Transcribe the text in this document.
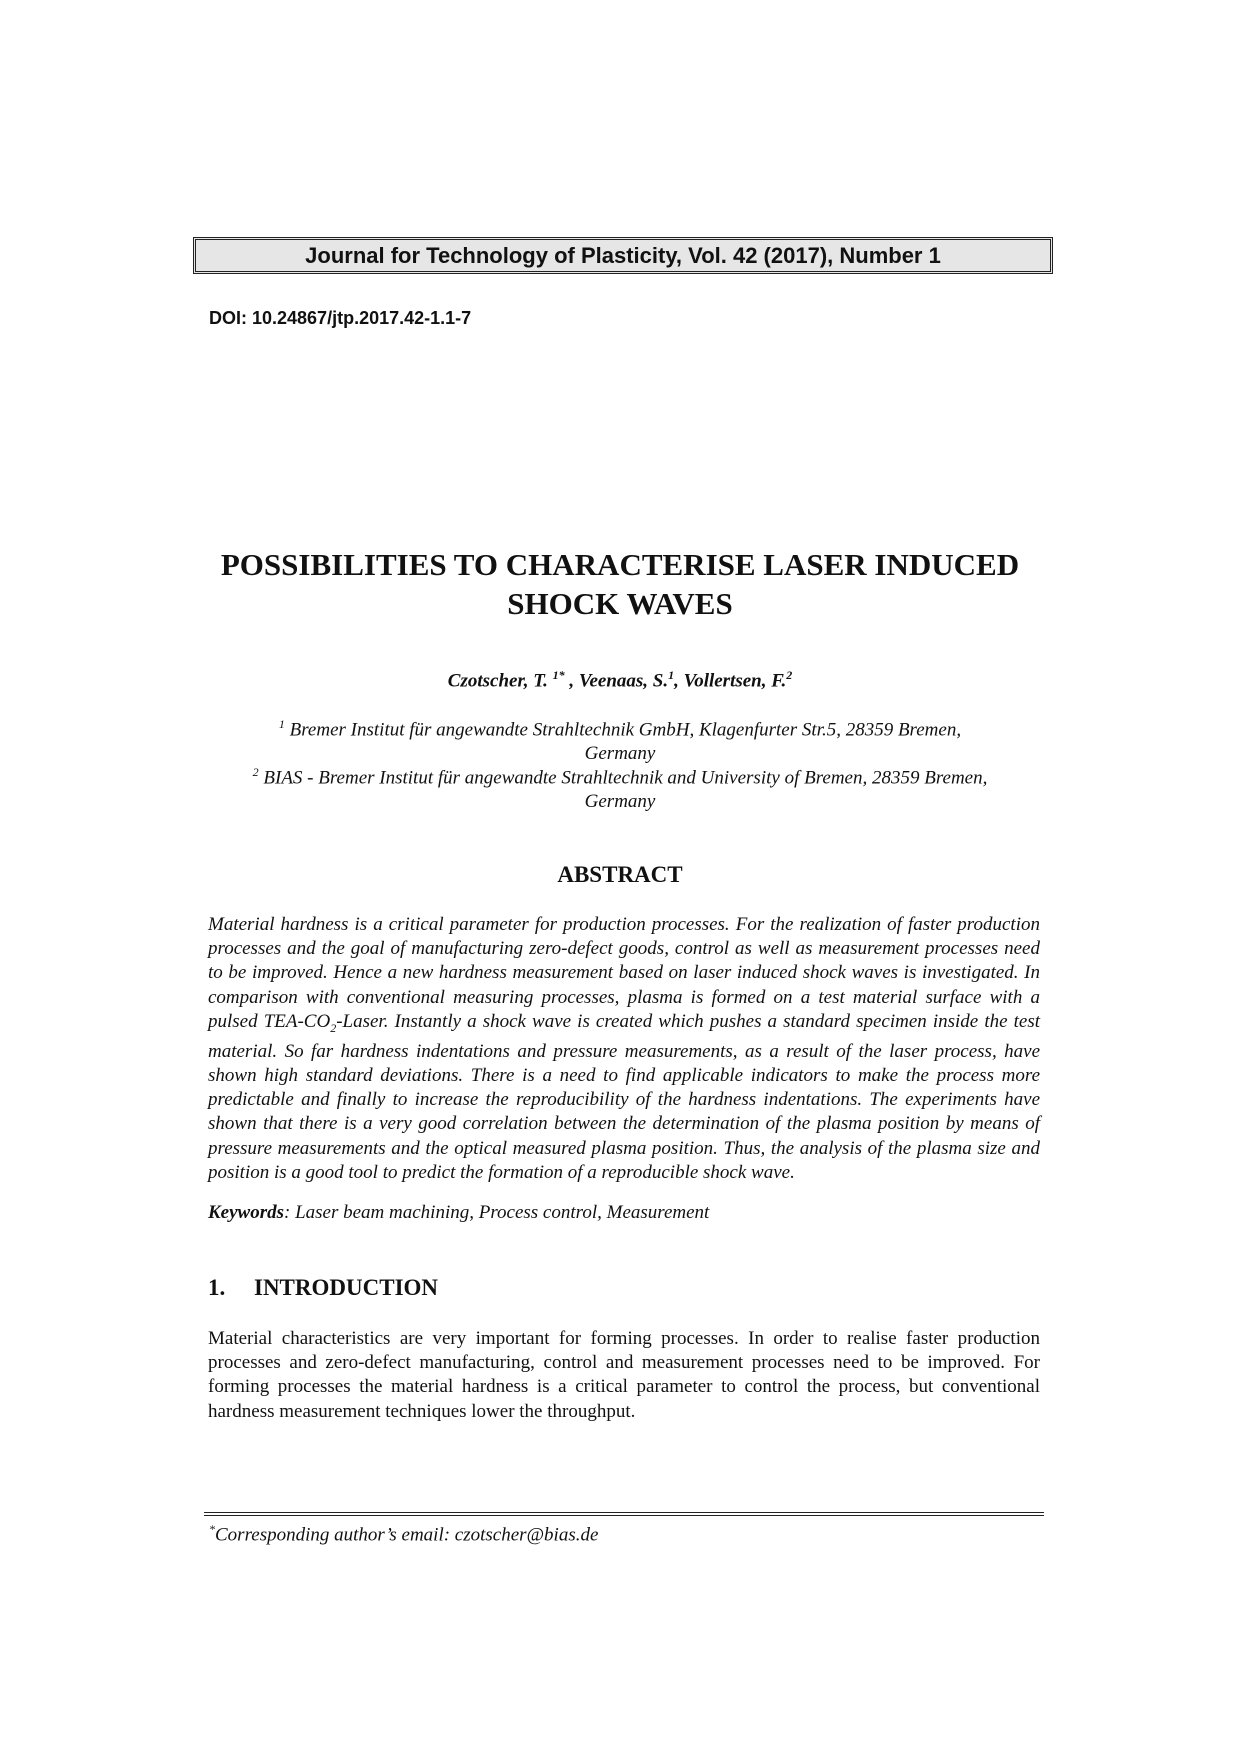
Journal for Technology of Plasticity, Vol. 42 (2017), Number 1
DOI: 10.24867/jtp.2017.42-1.1-7
POSSIBILITIES TO CHARACTERISE LASER INDUCED
SHOCK WAVES
Czotscher, T. $^{1*}$ , Veenaas, S.$^1$, Vollertsen, F.$^2$
$^1$ Bremer Institut für angewandte Strahltechnik GmbH, Klagenfurter Str.5, 28359 Bremen,
Germany
$^2$ BIAS - Bremer Institut für angewandte Strahltechnik and University of Bremen, 28359 Bremen,
Germany
ABSTRACT

Material hardness is a critical parameter for production processes. For the realization of faster production processes and the goal of manufacturing zero-defect goods, control as well as measurement processes need to be improved. Hence a new hardness measurement based on laser induced shock waves is investigated. In comparison with conventional measuring processes, plasma is formed on a test material surface with a pulsed TEA-$CO_2$-Laser. Instantly a shock wave is created which pushes a standard specimen inside the test material. So far hardness indentations and pressure measurements, as a result of the laser process, have shown high standard deviations. There is a need to find applicable indicators to make the process more predictable and finally to increase the reproducibility of the hardness indentations. The experiments have shown that there is a very good correlation between the determination of the plasma position by means of pressure measurements and the optical measured plasma position. Thus, the analysis of the plasma size and position is a good tool to predict the formation of a reproducible shock wave.

Keywords: Laser beam machining, Process control, Measurement
1. INTRODUCTION

Material characteristics are very important for forming processes. In order to realise faster production processes and zero-defect manufacturing, control and measurement processes need to be improved. For forming processes the material hardness is a critical parameter to control the process, but conventional hardness measurement techniques lower the throughput.

*Corresponding author’s email: czotscher@bias.de
